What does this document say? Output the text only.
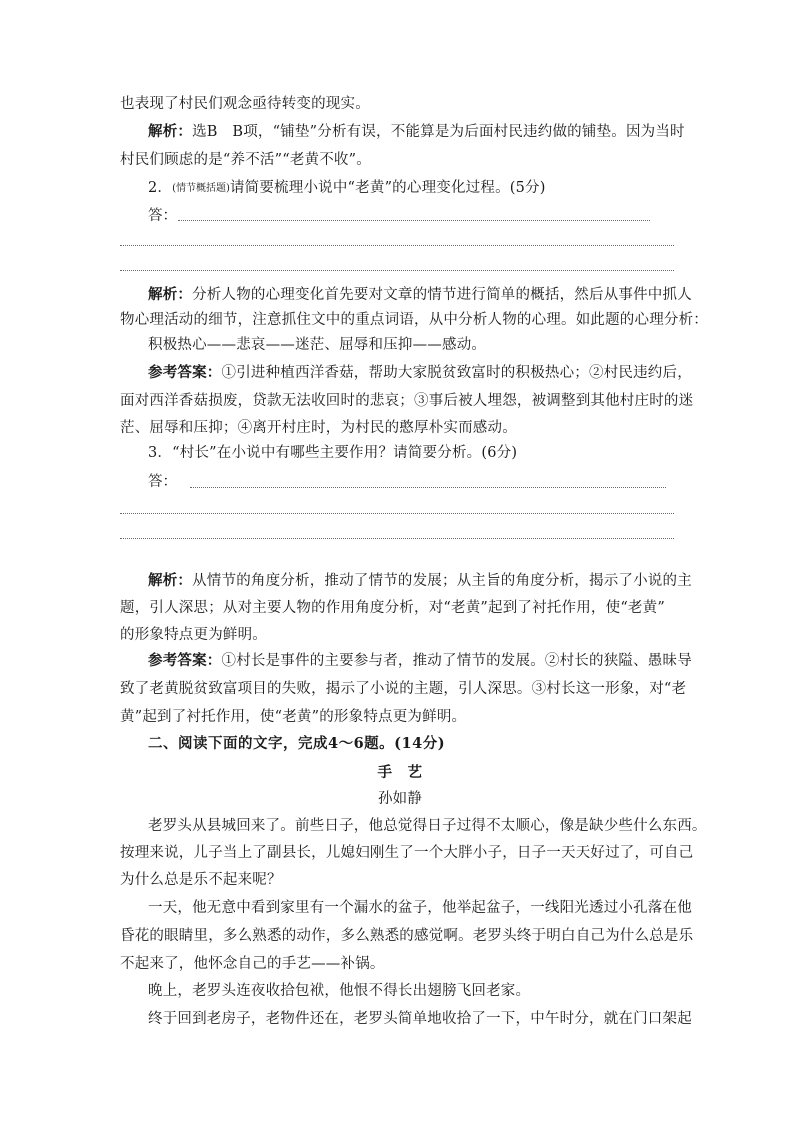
也表现了村民们观念亟待转变的现实。
解析：选B　B项，“铺垫”分析有误，不能算是为后面村民违约做的铺垫。因为当时
村民们顾虑的是“养不活”“老黄不收”。
2．(情节概括题)请简要梳理小说中“老黄”的心理变化过程。(5分)
答：
解析：分析人物的心理变化首先要对文章的情节进行简单的概括，然后从事件中抓人
物心理活动的细节，注意抓住文中的重点词语，从中分析人物的心理。如此题的心理分析：
积极热心——悲哀——迷茫、屈辱和压抑——感动。
参考答案：①引进种植西洋香菇，帮助大家脱贫致富时的积极热心；②村民违约后，
面对西洋香菇损废，贷款无法收回时的悲哀；③事后被人埋怨，被调整到其他村庄时的迷
茫、屈辱和压抑；④离开村庄时，为村民的憨厚朴实而感动。
3．“村长”在小说中有哪些主要作用？请简要分析。(6分)
答：
解析：从情节的角度分析，推动了情节的发展；从主旨的角度分析，揭示了小说的主
题，引人深思；从对主要人物的作用角度分析，对“老黄”起到了衬托作用，使“老黄”
的形象特点更为鲜明。
参考答案：①村长是事件的主要参与者，推动了情节的发展。②村长的狭隘、愚昧导
致了老黄脱贫致富项目的失败，揭示了小说的主题，引人深思。③村长这一形象，对“老
黄”起到了衬托作用，使“老黄”的形象特点更为鲜明。
二、阅读下面的文字，完成4～6题。(14分)
手　艺
孙如静
老罗头从县城回来了。前些日子，他总觉得日子过得不太顺心，像是缺少些什么东西。
按理来说，儿子当上了副县长，儿媳妇刚生了一个大胖小子，日子一天天好过了，可自己
为什么总是乐不起来呢？
一天，他无意中看到家里有一个漏水的盆子，他举起盆子，一线阳光透过小孔落在他
昏花的眼睛里，多么熟悉的动作，多么熟悉的感觉啊。老罗头终于明白自己为什么总是乐
不起来了，他怀念自己的手艺——补锅。
晚上，老罗头连夜收拾包袱，他恨不得长出翅膀飞回老家。
终于回到老房子，老物件还在，老罗头简单地收拾了一下，中午时分，就在门口架起
